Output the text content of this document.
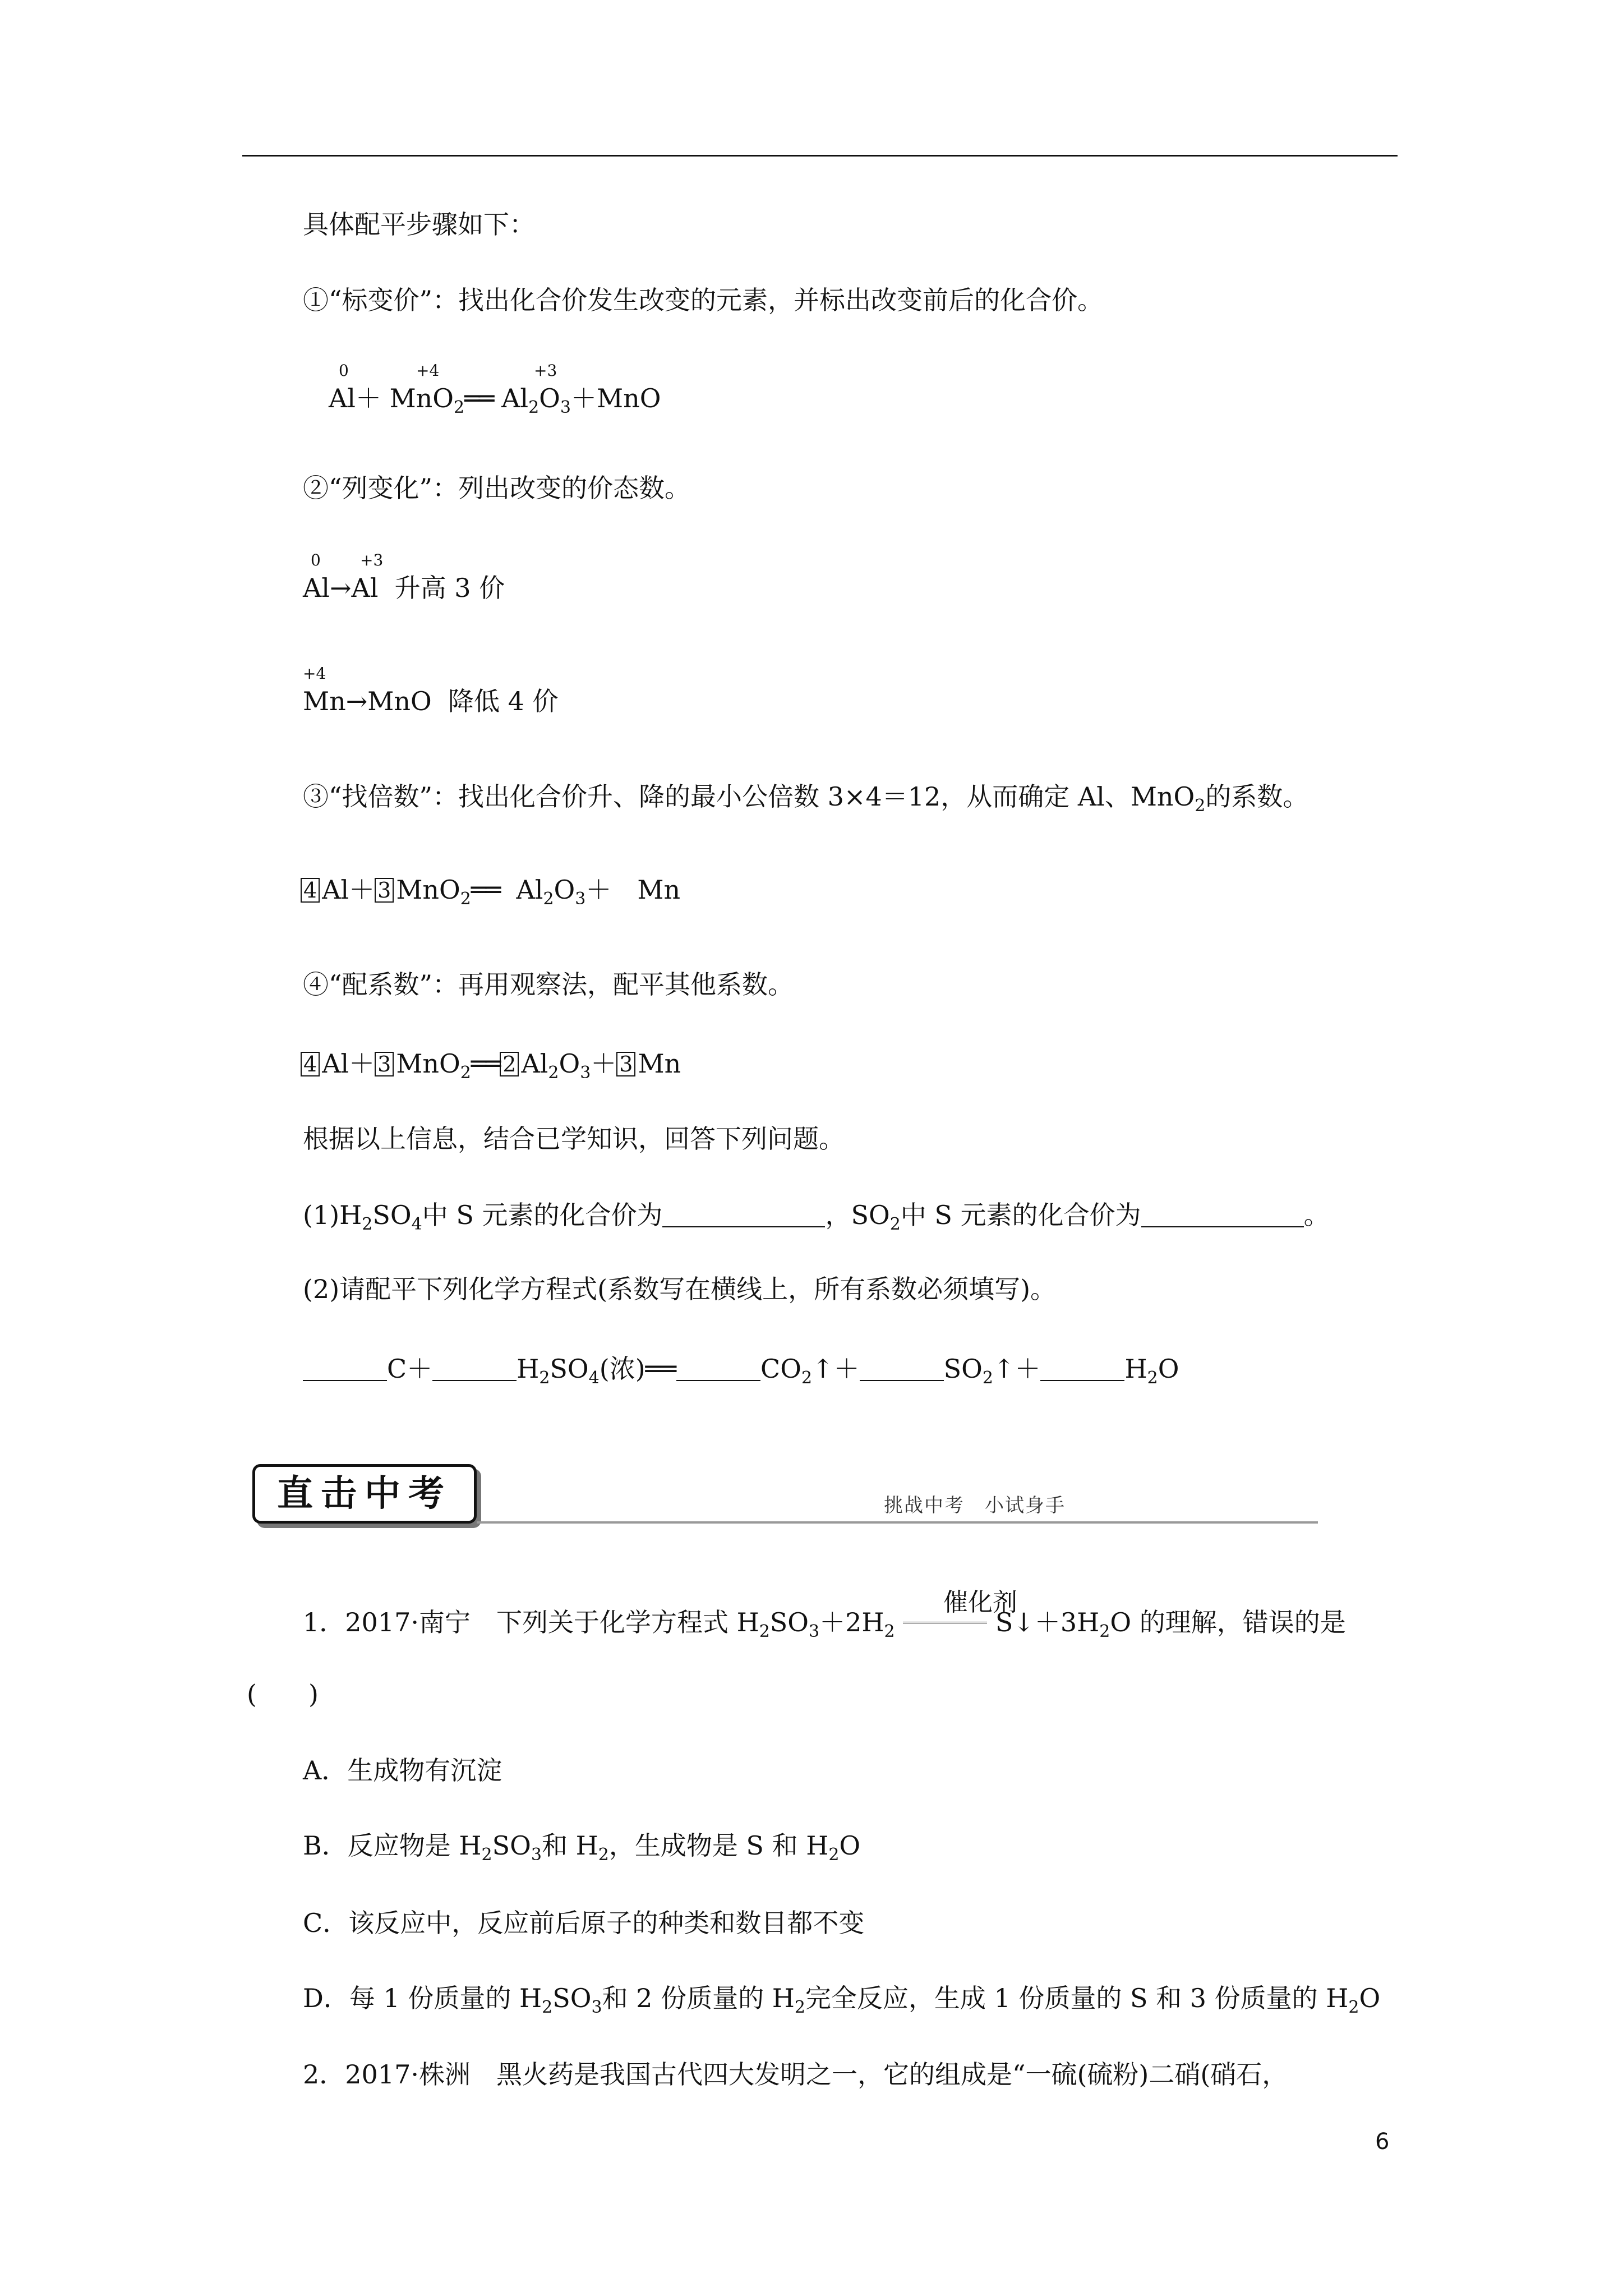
具体配平步骤如下：
①“标变价”：找出化合价发生改变的元素，并标出改变前后的化合价。
0	+4	+3
Al＋ MnO$_2$══ $Al_2O_3+MnO$
②“列变化”：列出改变的价态数。
0	+3
Al→Al 升高 3 价
+4
Mn→MnO 降低 4 价
③“找倍数”：找出化合价升、降的最小公倍数 3×4＝12，从而确定 Al、MnO$_2$的系数。
4 Al＋ 3 MnO$_2$══ $Al_2O_3+$　Mn
④“配系数”：再用观察法，配平其他系数。
4 Al＋ 3 MnO$_2$══ 2 $Al_2O_3+ 3$ Mn
根据以上信息，结合已学知识，回答下列问题。
$(1)H_2SO_4$中 S 元素的化合价为	，$SO_2$中 S 元素的化合价为	。
(2)请配平下列化学方程式(系数写在横线上，所有系数必须填写)。
C＋	$H_2SO_4$(浓)══	$CO_2↑+$	$SO_2↑+$	$H_2O$
直击中考	挑战中考　小试身手
催化剂
1．2017·南宁　下列关于化学方程式 $H_2SO_3+2H_2$	$S↓+3H_2O$ 的理解，错误的是
(　　)
A．生成物有沉淀
B．反应物是 $H_2SO_3$和 $H_2$，生成物是 S 和 $H_2O$
C．该反应中，反应前后原子的种类和数目都不变
D．每 1 份质量的 $H_2SO_3$和 2 份质量的 $H_2$完全反应，生成 1 份质量的 S 和 3 份质量的 $H_2O$
2．2017·株洲　黑火药是我国古代四大发明之一，它的组成是“一硫(硫粉)二硝(硝石，
6
